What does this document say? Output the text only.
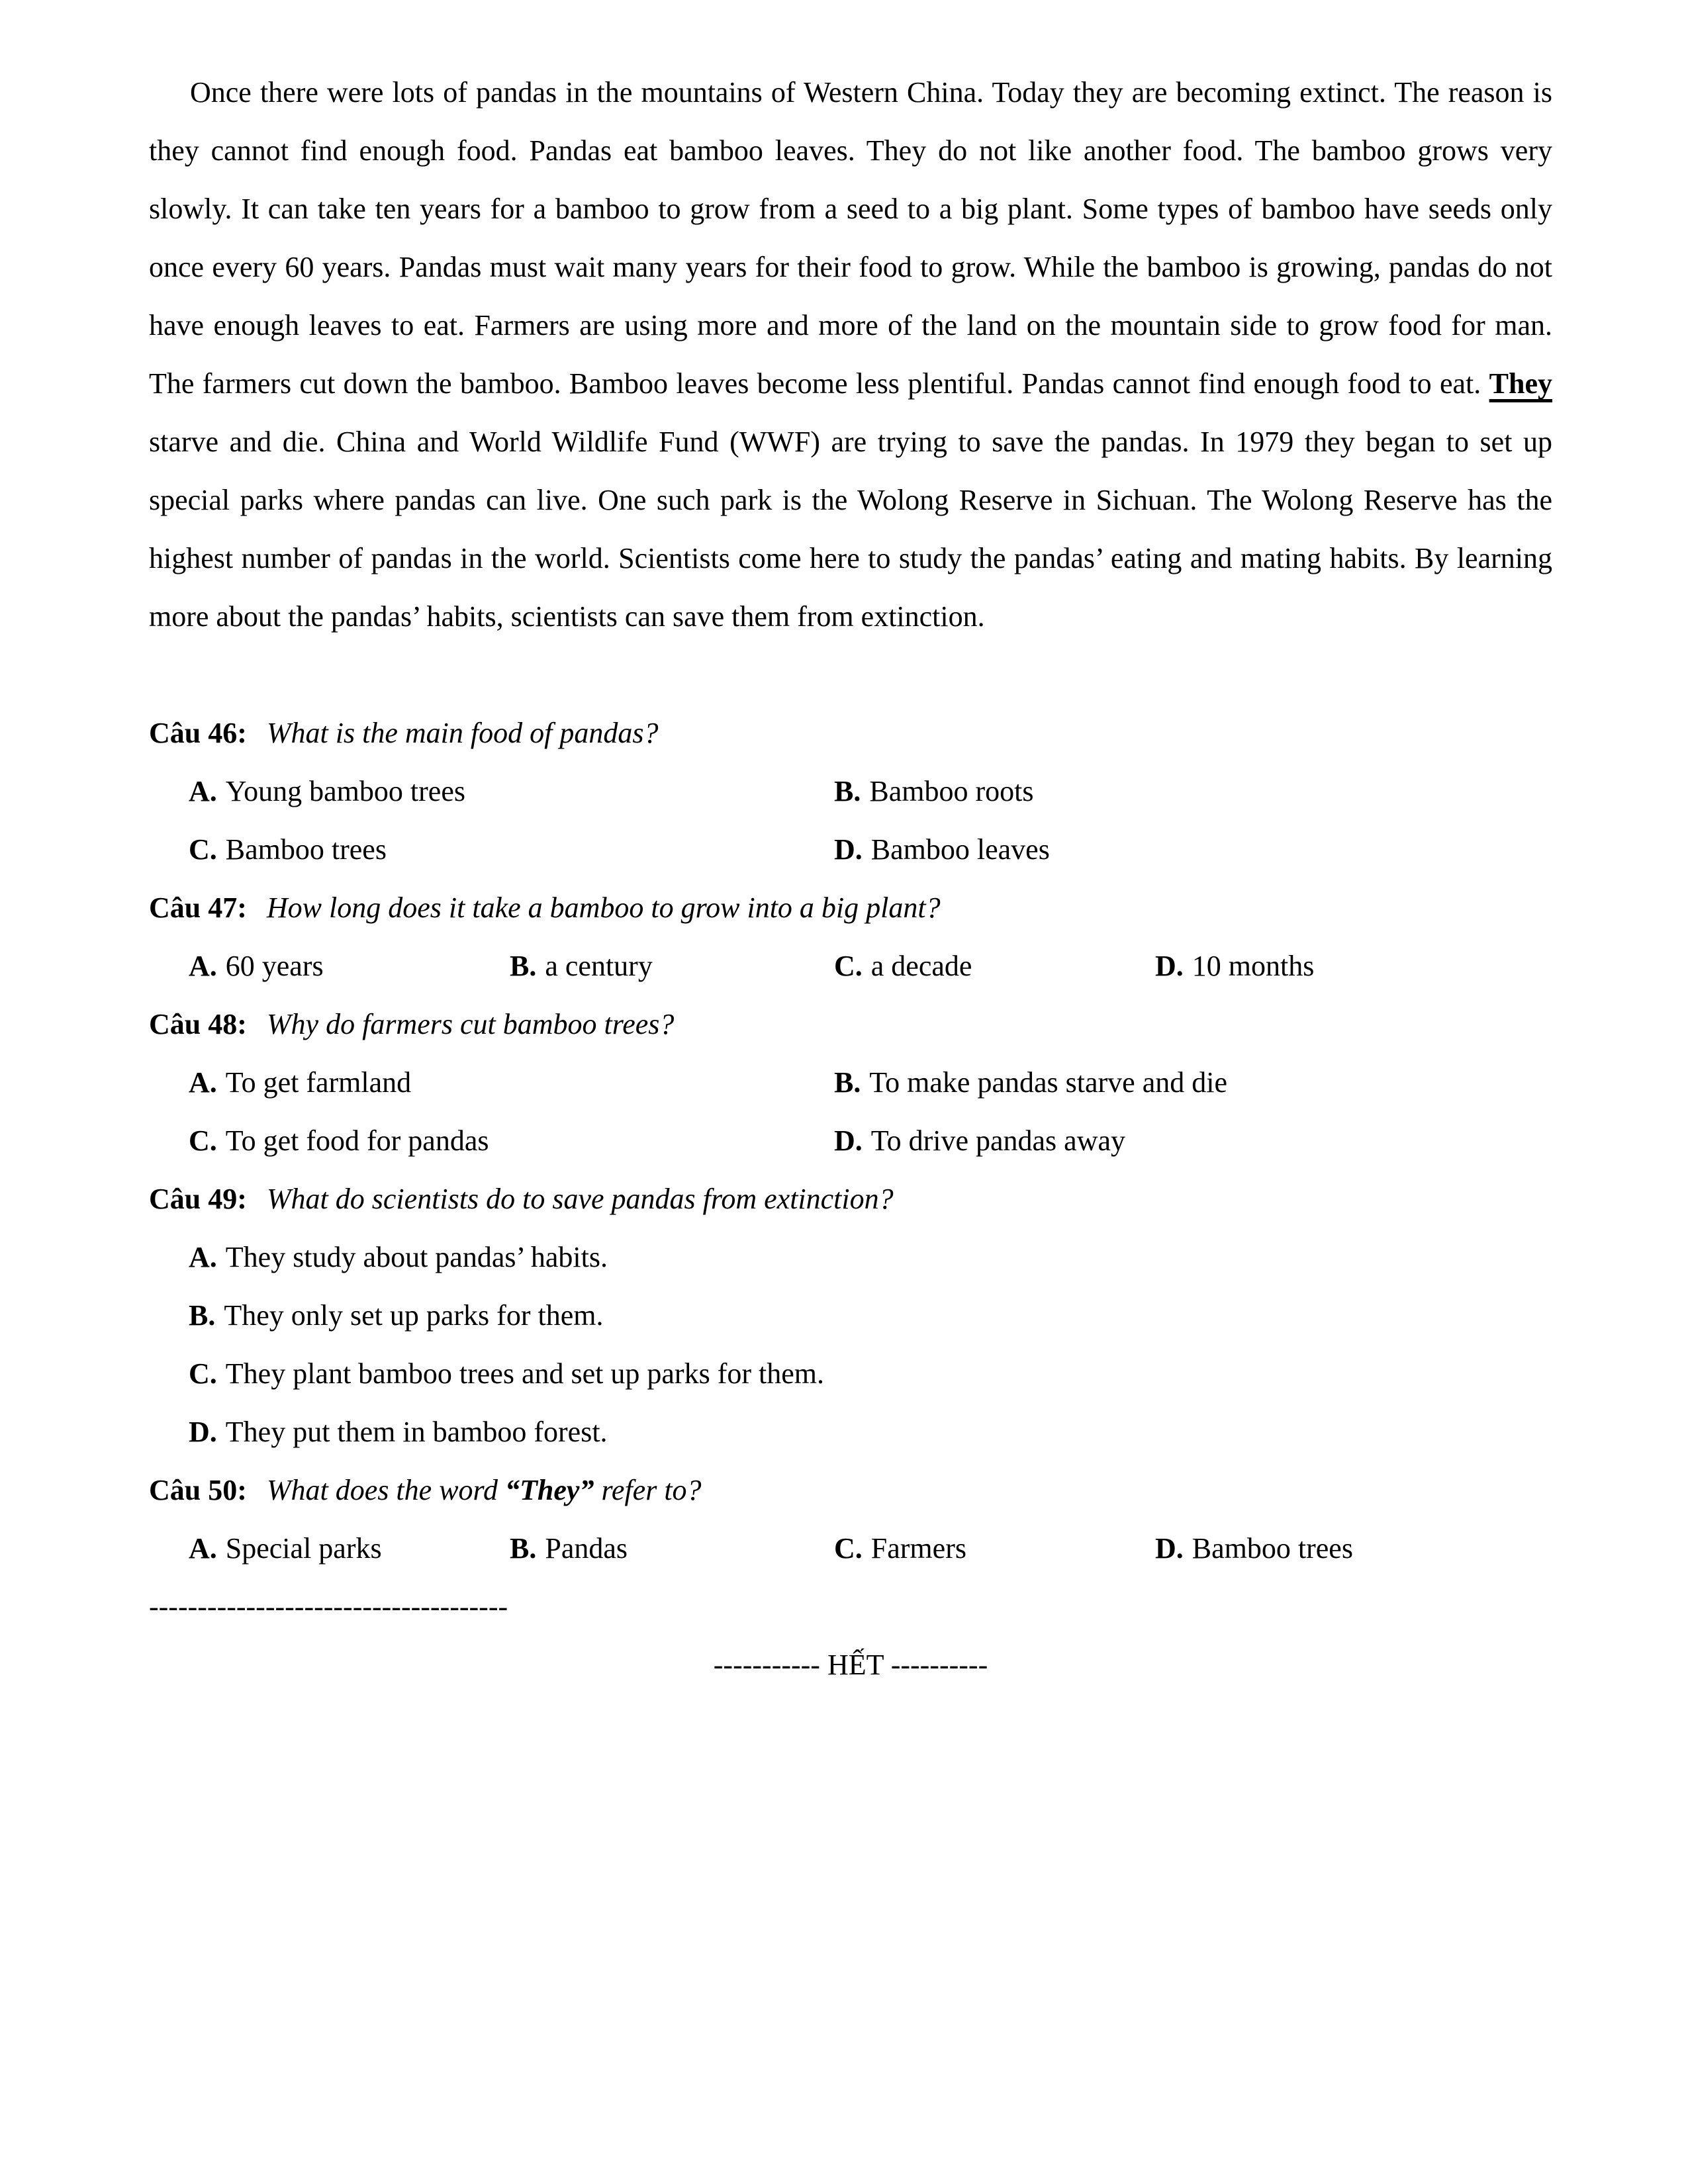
Once there were lots of pandas in the mountains of Western China. Today they are becoming extinct. The reason is they cannot find enough food. Pandas eat bamboo leaves. They do not like another food. The bamboo grows very slowly. It can take ten years for a bamboo to grow from a seed to a big plant. Some types of bamboo have seeds only once every 60 years. Pandas must wait many years for their food to grow. While the bamboo is growing, pandas do not have enough leaves to eat. Farmers are using more and more of the land on the mountain side to grow food for man. The farmers cut down the bamboo. Bamboo leaves become less plentiful. Pandas cannot find enough food to eat. They starve and die. China and World Wildlife Fund (WWF) are trying to save the pandas. In 1979 they began to set up special parks where pandas can live. One such park is the Wolong Reserve in Sichuan. The Wolong Reserve has the highest number of pandas in the world. Scientists come here to study the pandas’ eating and mating habits. By learning more about the pandas’ habits, scientists can save them from extinction.

Câu 46: What is the main food of pandas?
A. Young bamboo trees	B. Bamboo roots
C. Bamboo trees	D. Bamboo leaves
Câu 47: How long does it take a bamboo to grow into a big plant?
A. 60 years	B. a century	C. a decade	D. 10 months
Câu 48: Why do farmers cut bamboo trees?
A. To get farmland	B. To make pandas starve and die
C. To get food for pandas	D. To drive pandas away
Câu 49: What do scientists do to save pandas from extinction?
A. They study about pandas’ habits.
B. They only set up parks for them.
C. They plant bamboo trees and set up parks for them.
D. They put them in bamboo forest.
Câu 50: What does the word “They” refer to?
A. Special parks	B. Pandas	C. Farmers	D. Bamboo trees
-------------------------------------
----------- HẾT ----------
